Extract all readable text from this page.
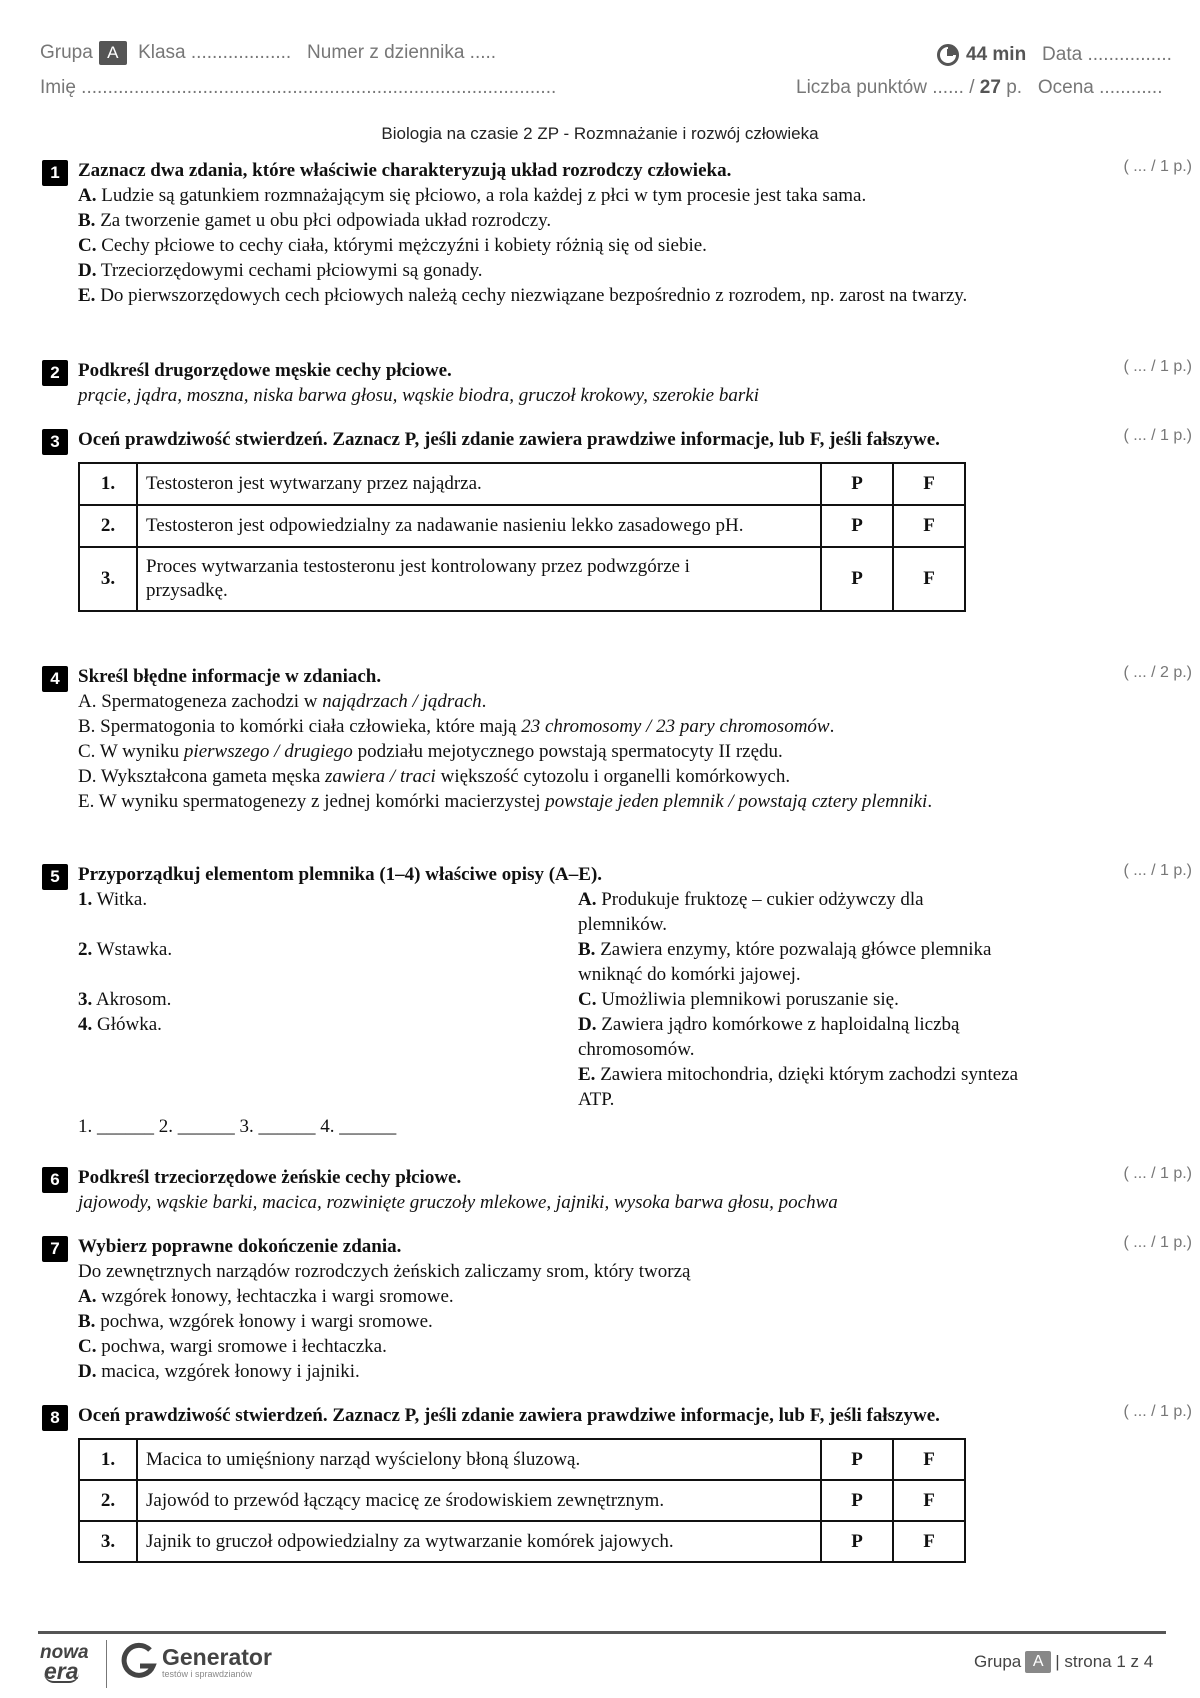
Grupa A Klasa ................... Numer z dziennika .....
Imię ..........................................................................................
44 min
Data ................
Liczba punktów ...... / 27 p. Ocena ............
Biologia na czasie 2 ZP - Rozmnażanie i rozwój człowieka
1	( ... / 1 p.)
Zaznacz dwa zdania, które właściwie charakteryzują układ rozrodczy człowieka.
A. Ludzie są gatunkiem rozmnażającym się płciowo, a rola każdej z płci w tym procesie jest taka sama.
B. Za tworzenie gamet u obu płci odpowiada układ rozrodczy.
C. Cechy płciowe to cechy ciała, którymi mężczyźni i kobiety różnią się od siebie.
D. Trzeciorzędowymi cechami płciowymi są gonady.
E. Do pierwszorzędowych cech płciowych należą cechy niezwiązane bezpośrednio z rozrodem, np. zarost na twarzy.
2	( ... / 1 p.)
Podkreśl drugorzędowe męskie cechy płciowe.
prącie, jądra, moszna, niska barwa głosu, wąskie biodra, gruczoł krokowy, szerokie barki
3	( ... / 1 p.)
Oceń prawdziwość stwierdzeń. Zaznacz P, jeśli zdanie zawiera prawdziwe informacje, lub F, jeśli fałszywe.
1.	Testosteron jest wytwarzany przez najądrza.	P	F
2.	Testosteron jest odpowiedzialny za nadawanie nasieniu lekko zasadowego pH.	P	F
3.	Proces wytwarzania testosteronu jest kontrolowany przez podwzgórze i przysadkę.	P	F
4	( ... / 2 p.)
Skreśl błędne informacje w zdaniach.
A. Spermatogeneza zachodzi w najądrzach / jądrach.
B. Spermatogonia to komórki ciała człowieka, które mają 23 chromosomy / 23 pary chromosomów.
C. W wyniku pierwszego / drugiego podziału mejotycznego powstają spermatocyty II rzędu.
D. Wykształcona gameta męska zawiera / traci większość cytozolu i organelli komórkowych.
E. W wyniku spermatogenezy z jednej komórki macierzystej powstaje jeden plemnik / powstają cztery plemniki.
5	( ... / 1 p.)
Przyporządkuj elementom plemnika (1–4) właściwe opisy (A–E).
1. Witka.

2. Wstawka.

3. Akrosom.
4. Główka.
A. Produkuje fruktozę – cukier odżywczy dla plemników.
B. Zawiera enzymy, które pozwalają główce plemnika wniknąć do komórki jajowej.
C. Umożliwia plemnikowi poruszanie się.
D. Zawiera jądro komórkowe z haploidalną liczbą chromosomów.
E. Zawiera mitochondria, dzięki którym zachodzi synteza ATP.
1. ______ 2. ______ 3. ______ 4. ______
6	( ... / 1 p.)
Podkreśl trzeciorzędowe żeńskie cechy płciowe.
jajowody, wąskie barki, macica, rozwinięte gruczoły mlekowe, jajniki, wysoka barwa głosu, pochwa
7	( ... / 1 p.)
Wybierz poprawne dokończenie zdania.
Do zewnętrznych narządów rozrodczych żeńskich zaliczamy srom, który tworzą
A. wzgórek łonowy, łechtaczka i wargi sromowe.
B. pochwa, wzgórek łonowy i wargi sromowe.
C. pochwa, wargi sromowe i łechtaczka.
D. macica, wzgórek łonowy i jajniki.
8	( ... / 1 p.)
Oceń prawdziwość stwierdzeń. Zaznacz P, jeśli zdanie zawiera prawdziwe informacje, lub F, jeśli fałszywe.
1.	Macica to umięśniony narząd wyścielony błoną śluzową.	P	F
2.	Jajowód to przewód łączący macicę ze środowiskiem zewnętrznym.	P	F
3.	Jajnik to gruczoł odpowiedzialny za wytwarzanie komórek jajowych.	P	F
nowa
era
Generator
testów i sprawdzianów
Grupa A | strona 1 z 4
